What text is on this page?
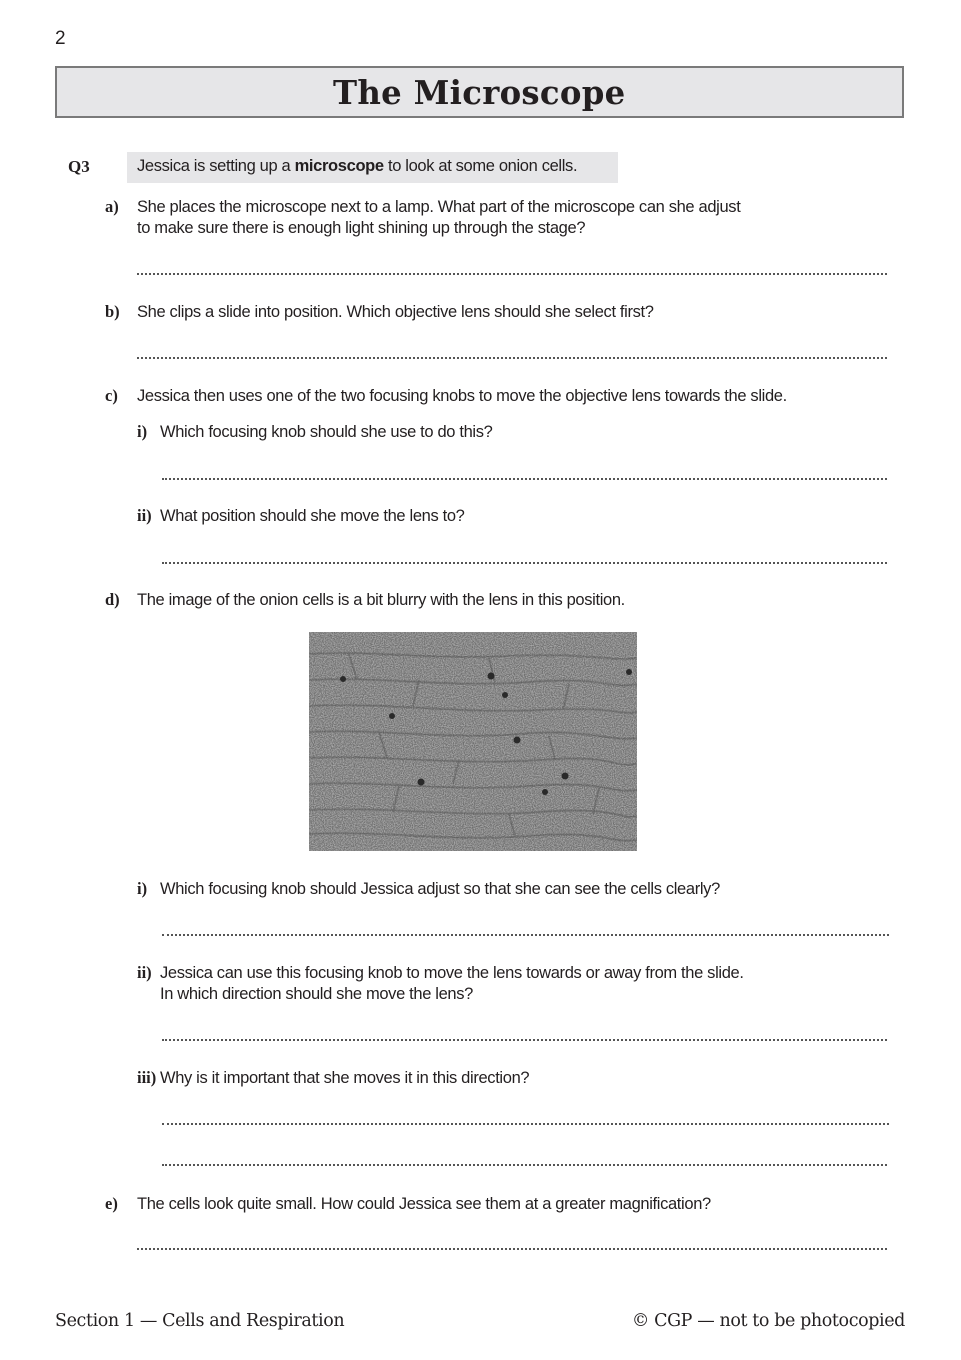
2
The Microscope
Q3	Jessica is setting up a microscope to look at some onion cells.
a) She places the microscope next to a lamp. What part of the microscope can she adjust
to make sure there is enough light shining up through the stage?
b) She clips a slide into position. Which objective lens should she select first?
c) Jessica then uses one of the two focusing knobs to move the objective lens towards the slide.
i) Which focusing knob should she use to do this?
ii) What position should she move the lens to?
d) The image of the onion cells is a bit blurry with the lens in this position.
i) Which focusing knob should Jessica adjust so that she can see the cells clearly?
ii) Jessica can use this focusing knob to move the lens towards or away from the slide.
In which direction should she move the lens?
iii) Why is it important that she moves it in this direction?
e) The cells look quite small. How could Jessica see them at a greater magnification?
Section 1 — Cells and Respiration	© CGP — not to be photocopied
